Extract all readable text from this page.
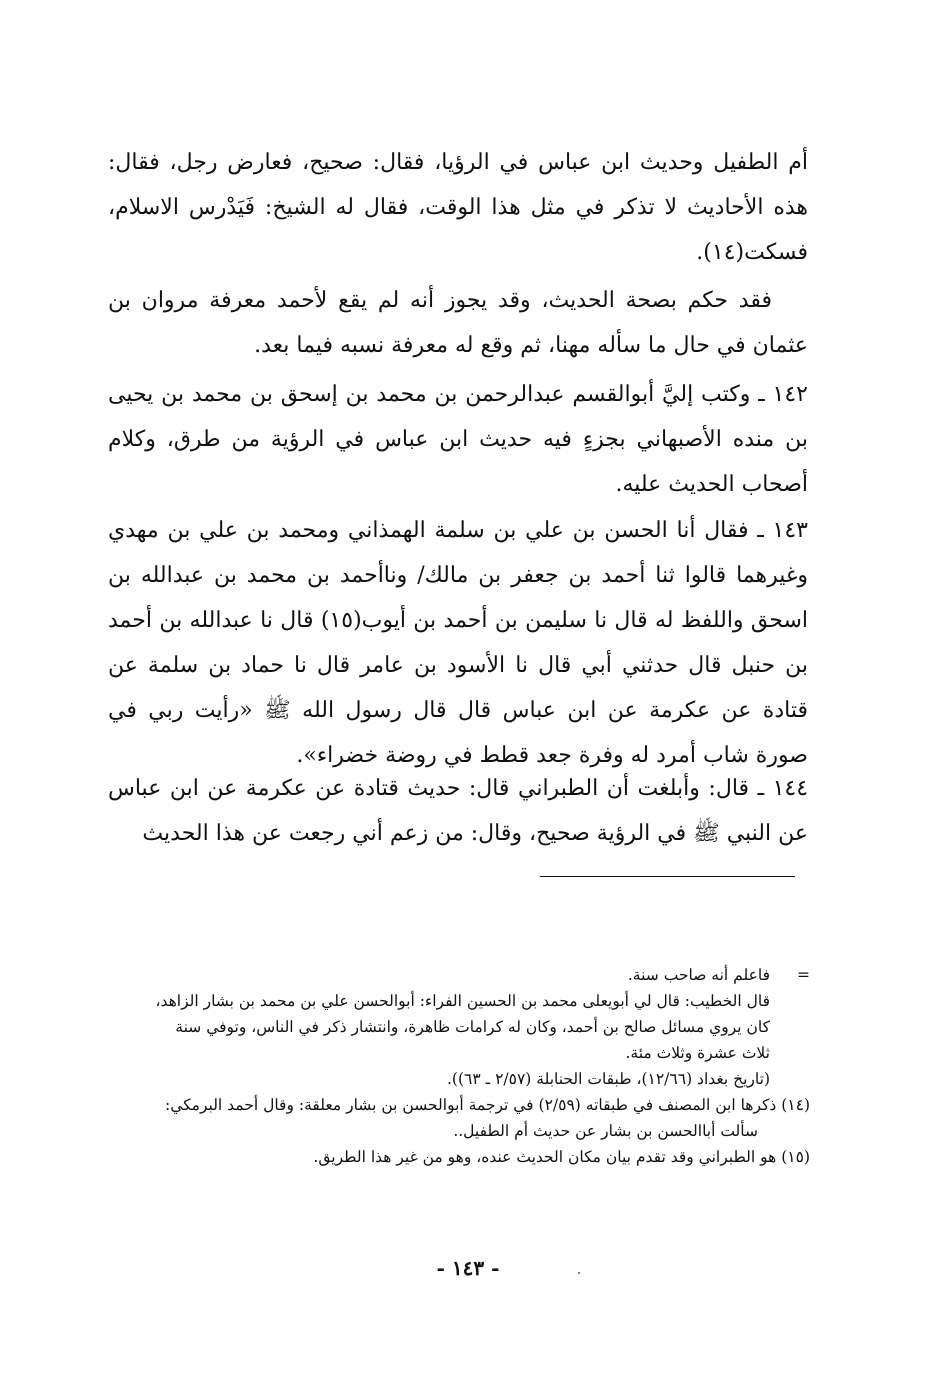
أم الطفيل وحديث ابن عباس في الرؤيا، فقال: صحيح، فعارض رجل، فقال: هذه الأحاديث لا تذكر في مثل هذا الوقت، فقال له الشيخ: فَيَدْرس الاسلام، فسكت(١٤).

فقد حكم بصحة الحديث، وقد يجوز أنه لم يقع لأحمد معرفة مروان بن عثمان في حال ما سأله مهنا، ثم وقع له معرفة نسبه فيما بعد.

١٤٢ ـ وكتب إليَّ أبوالقسم عبدالرحمن بن محمد بن إسحق بن محمد بن يحيى بن منده الأصبهاني بجزءٍ فيه حديث ابن عباس في الرؤية من طرق، وكلام أصحاب الحديث عليه.

١٤٣ ـ فقال أنا الحسن بن علي بن سلمة الهمذاني ومحمد بن علي بن مهدي وغيرهما قالوا ثنا أحمد بن جعفر بن مالك/ وناأحمد بن محمد بن عبدالله بن اسحق واللفظ له قال نا سليمن بن أحمد بن أيوب(١٥) قال نا عبدالله بن أحمد بن حنبل قال حدثني أبي قال نا الأسود بن عامر قال نا حماد بن سلمة عن قتادة عن عكرمة عن ابن عباس قال قال رسول الله ﷺ «رأيت ربي في صورة شاب أمرد له وفرة جعد قطط في روضة خضراء».

١٤٤ ـ قال: وأبلغت أن الطبراني قال: حديث قتادة عن عكرمة عن ابن عباس عن النبي ﷺ في الرؤية صحيح، وقال: من زعم أني رجعت عن هذا الحديث

=
فاعلم أنه صاحب سنة.

قال الخطيب: قال لي أبويعلى محمد بن الحسين الفراء: أبوالحسن علي بن محمد بن بشار الزاهد،

كان يروي مسائل صالح بن أحمد، وكان له كرامات ظاهرة، وانتشار ذكر في الناس، وتوفي سنة

ثلاث عشرة وثلاث مئة.

(تاريخ بغداد (١٢/٦٦)، طبقات الحنابلة (٢/٥٧ ـ ٦٣)).

(١٤) ذكرها ابن المصنف في طبقاته (٢/٥٩) في ترجمة أبوالحسن بن بشار معلقة: وقال أحمد البرمكي:

سألت أباالحسن بن بشار عن حديث أم الطفيل..

(١٥) هو الطبراني وقد تقدم بيان مكان الحديث عنده، وهو من غير هذا الطريق.

- ١٤٣ -
